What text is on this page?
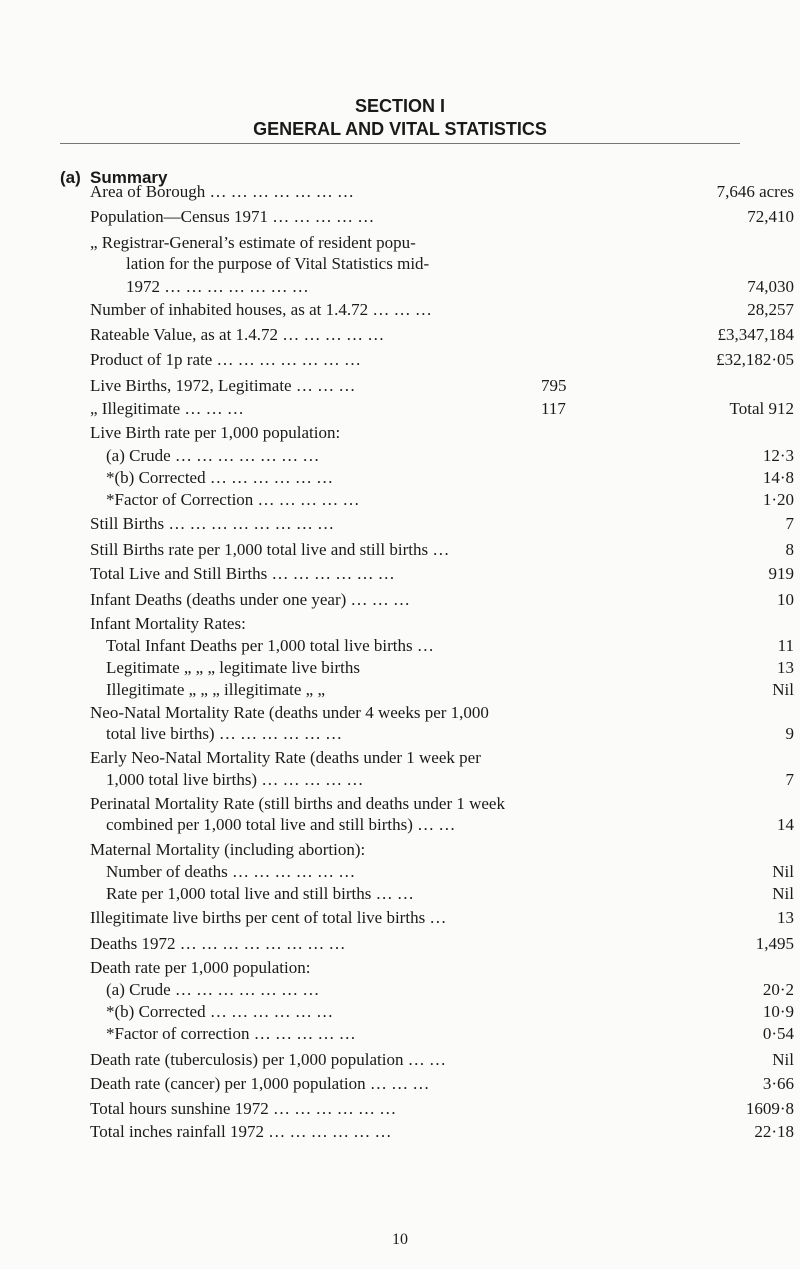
SECTION I
GENERAL AND VITAL STATISTICS
(a) Summary
Area of Borough … … … … … … …	7,646 acres
Population—Census 1971 … … … … …	72,410
„ Registrar-General’s estimate of resident popu-
lation for the purpose of Vital Statistics mid-
1972 … … … … … … …	74,030
Number of inhabited houses, as at 1.4.72 … … …	28,257
Rateable Value, as at 1.4.72 … … … … …	£3,347,184
Product of 1p rate … … … … … … …	£32,182·05
Live Births, 1972, Legitimate … … …	795
„ Illegitimate … … …	117	Total 912
Live Birth rate per 1,000 population:
(a) Crude … … … … … … …	12·3
*(b) Corrected … … … … … …	14·8
*Factor of Correction … … … … …	1·20
Still Births … … … … … … … …	7
Still Births rate per 1,000 total live and still births …	8
Total Live and Still Births … … … … … …	919
Infant Deaths (deaths under one year) … … …	10
Infant Mortality Rates:
Total Infant Deaths per 1,000 total live births …	11
Legitimate „ „ „ legitimate live births	13
Illegitimate „ „ „ illegitimate „ „	Nil
Neo-Natal Mortality Rate (deaths under 4 weeks per 1,000
total live births) … … … … … …	9
Early Neo-Natal Mortality Rate (deaths under 1 week per
1,000 total live births) … … … … …	7
Perinatal Mortality Rate (still births and deaths under 1 week
combined per 1,000 total live and still births) … …	14
Maternal Mortality (including abortion):
Number of deaths … … … … … …	Nil
Rate per 1,000 total live and still births … …	Nil
Illegitimate live births per cent of total live births …	13
Deaths 1972 … … … … … … … …	1,495
Death rate per 1,000 population:
(a) Crude … … … … … … …	20·2
*(b) Corrected … … … … … …	10·9
*Factor of correction … … … … …	0·54
Death rate (tuberculosis) per 1,000 population … …	Nil
Death rate (cancer) per 1,000 population … … …	3·66
Total hours sunshine 1972 … … … … … …	1609·8
Total inches rainfall 1972 … … … … … …	22·18
10
